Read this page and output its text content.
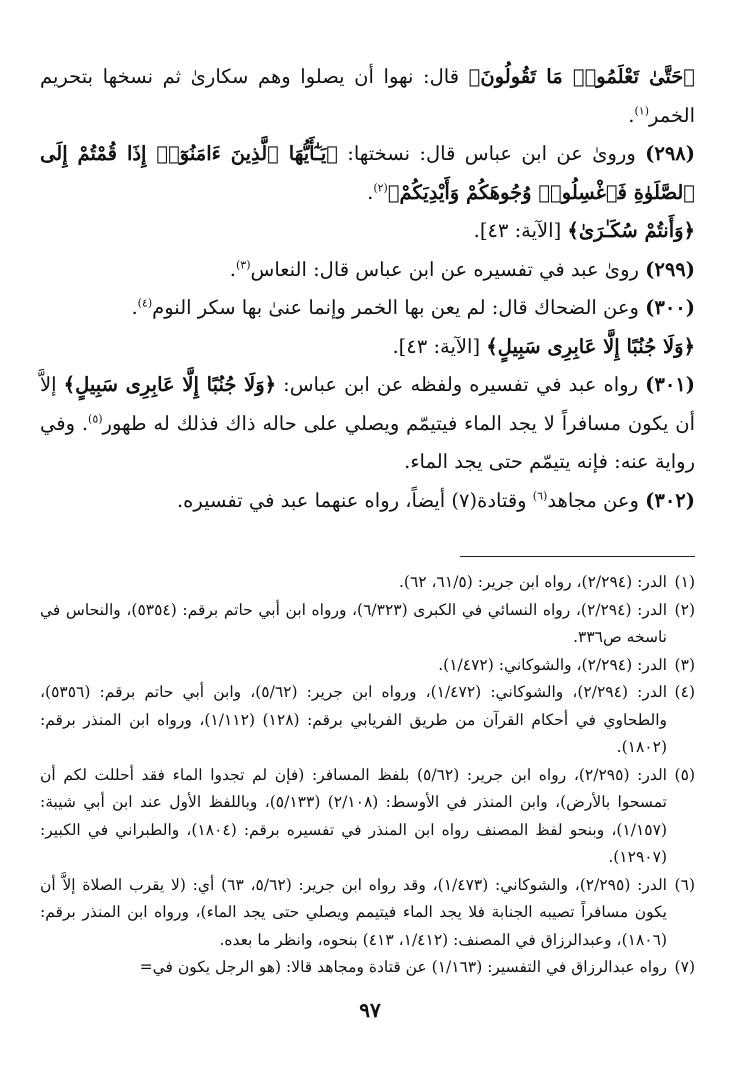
﴿حَتَّىٰ تَعْلَمُوا۟ مَا تَقُولُونَ﴾ قال: نهوا أن يصلوا وهم سكارىٰ ثم نسخها بتحريم الخمر$^{(١)}$.

(٢٩٨) وروىٰ عن ابن عباس قال: نسختها: ﴿يَـٰٓأَيُّهَا ٱلَّذِينَ ءَامَنُوٓا۟ إِذَا قُمْتُمْ إِلَى ٱلصَّلَوٰةِ فَٱغْسِلُوا۟ وُجُوهَكُمْ وَأَيْدِيَكُمْ﴾$^{(٢)}$.

﴿وَأَنتُمْ سُكَـٰرَىٰ﴾ [الآية: ٤٣].

(٢٩٩) روىٰ عبد في تفسيره عن ابن عباس قال: النعاس$^{(٣)}$.

(٣٠٠) وعن الضحاك قال: لم يعن بها الخمر وإنما عنىٰ بها سكر النوم$^{(٤)}$.

﴿وَلَا جُنُبًا إِلَّا عَابِرِى سَبِيلٍ﴾ [الآية: ٤٣].

(٣٠١) رواه عبد في تفسيره ولفظه عن ابن عباس: ﴿وَلَا جُنُبًا إِلَّا عَابِرِى سَبِيلٍ﴾ إلاَّ أن يكون مسافراً لا يجد الماء فيتيمّم ويصلي على حاله ذاك فذلك له طهور$^{(٥)}$. وفي رواية عنه: فإنه يتيمّم حتى يجد الماء.

(٣٠٢) وعن مجاهد$^{(٦)}$ وقتادة(٧) أيضاً، رواه عنهما عبد في تفسيره.

(١)
الدر: (٢/٢٩٤)، رواه ابن جرير: (٦١/٥، ٦٢).
(٢)
الدر: (٢/٢٩٤)، رواه النسائي في الكبرى (٦/٣٢٣)، ورواه ابن أبي حاتم برقم: (٥٣٥٤)، والنحاس في ناسخه ص٣٣٦.
(٣)
الدر: (٢/٢٩٤)، والشوكاني: (١/٤٧٢).
(٤)
الدر: (٢/٢٩٤)، والشوكاني: (١/٤٧٢)، ورواه ابن جرير: (٥/٦٢)، وابن أبي حاتم برقم: (٥٣٥٦)، والطحاوي في أحكام القرآن من طريق الفريابي برقم: (١٢٨) (١/١١٢)، ورواه ابن المنذر برقم: (١٨٠٢).
(٥)
الدر: (٢/٢٩٥)، رواه ابن جرير: (٥/٦٢) بلفظ المسافر: (فإن لم تجدوا الماء فقد أحللت لكم أن تمسحوا بالأرض)، وابن المنذر في الأوسط: (٢/١٠٨) (٥/١٣٣)، وباللفظ الأول عند ابن أبي شيبة: (١/١٥٧)، وبنحو لفظ المصنف رواه ابن المنذر في تفسيره برقم: (١٨٠٤)، والطبراني في الكبير: (١٢٩٠٧).
(٦)
الدر: (٢/٢٩٥)، والشوكاني: (١/٤٧٣)، وقد رواه ابن جرير: (٥/٦٢، ٦٣) أي: (لا يقرب الصلاة إلاَّ أن يكون مسافراً تصيبه الجنابة فلا يجد الماء فيتيمم ويصلي حتى يجد الماء)، ورواه ابن المنذر برقم: (١٨٠٦)، وعبدالرزاق في المصنف: (١/٤١٢، ٤١٣) بنحوه، وانظر ما بعده.
(٧)
رواه عبدالرزاق في التفسير: (١/١٦٣) عن قتادة ومجاهد قالا: (هو الرجل يكون في=
٩٧
